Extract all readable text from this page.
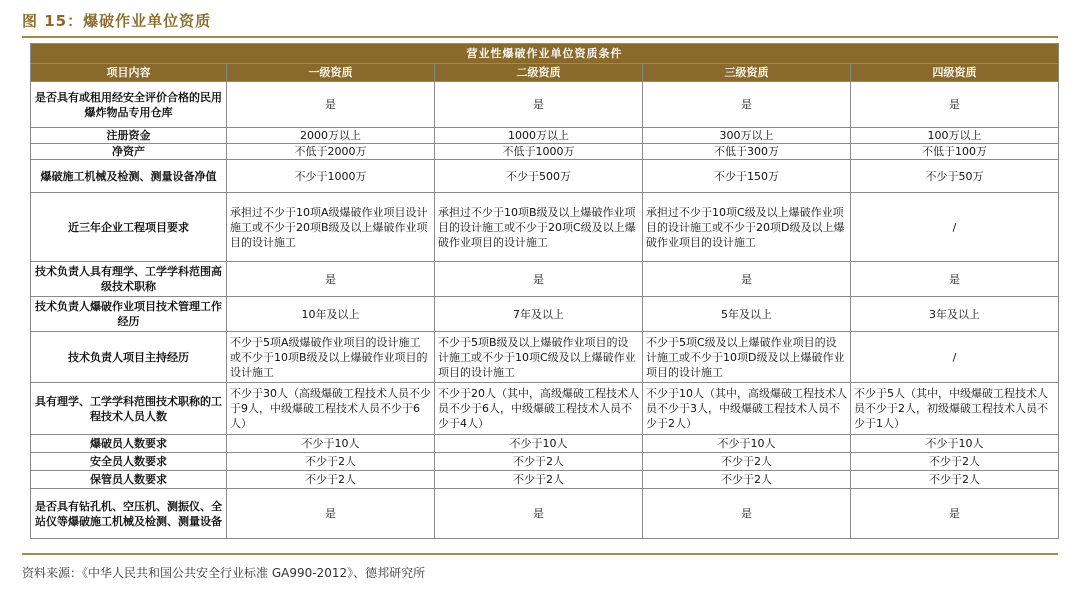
图 15：爆破作业单位资质
营业性爆破作业单位资质条件				
项目内容	一级资质	二级资质	三级资质	四级资质
是否具有或租用经安全评价合格的民用爆炸物品专用仓库	是	是	是	是
注册资金	2000万以上	1000万以上	300万以上	100万以上
净资产	不低于2000万	不低于1000万	不低于300万	不低于100万
爆破施工机械及检测、测量设备净值	不少于1000万	不少于500万	不少于150万	不少于50万
近三年企业工程项目要求	承担过不少于10项A级爆破作业项目设计施工或不少于20项B级及以上爆破作业项目的设计施工	承担过不少于10项B级及以上爆破作业项目的设计施工或不少于20项C级及以上爆破作业项目的设计施工	承担过不少于10项C级及以上爆破作业项目的设计施工或不少于20项D级及以上爆破作业项目的设计施工	/
技术负责人具有理学、工学学科范围高级技术职称	是	是	是	是
技术负责人爆破作业项目技术管理工作经历	10年及以上	7年及以上	5年及以上	3年及以上
技术负责人项目主持经历	不少于5项A级爆破作业项目的设计施工或不少于10项B级及以上爆破作业项目的设计施工	不少于5项B级及以上爆破作业项目的设计施工或不少于10项C级及以上爆破作业项目的设计施工	不少于5项C级及以上爆破作业项目的设计施工或不少于10项D级及以上爆破作业项目的设计施工	/
具有理学、工学学科范围技术职称的工程技术人员人数	不少于30人（高级爆破工程技术人员不少于9人，中级爆破工程技术人员不少于6人）	不少于20人（其中，高级爆破工程技术人员不少于6人，中级爆破工程技术人员不少于4人）	不少于10人（其中，高级爆破工程技术人员不少于3人，中级爆破工程技术人员不少于2人）	不少于5人（其中，中级爆破工程技术人员不少于2人，初级爆破工程技术人员不少于1人）
爆破员人数要求	不少于10人	不少于10人	不少于10人	不少于10人
安全员人数要求	不少于2人	不少于2人	不少于2人	不少于2人
保管员人数要求	不少于2人	不少于2人	不少于2人	不少于2人
是否具有钻孔机、空压机、测振仪、全站仪等爆破施工机械及检测、测量设备	是	是	是	是
资料来源：《中华人民共和国公共安全行业标准 GA990-2012》、德邦研究所
